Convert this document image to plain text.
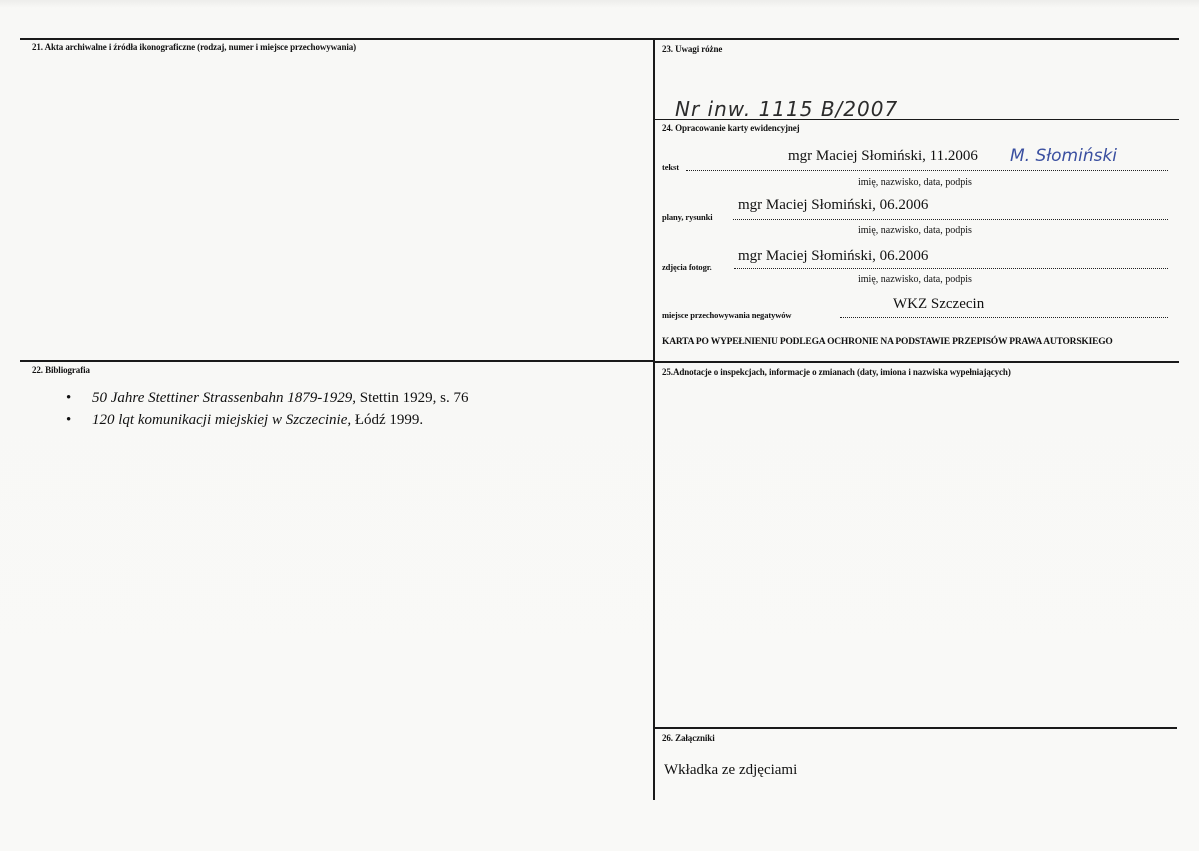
21. Akta archiwalne i źródła ikonograficzne (rodzaj, numer i miejsce przechowywania)
22. Bibliografia
• 50 Jahre Stettiner Strassenbahn 1879-1929, Stettin 1929, s. 76
• 120 lqt komunikacji miejskiej w Szczecinie, Łódź 1999.
23. Uwagi różne
Nr inw. 1115 B/2007
24. Opracowanie karty ewidencyjnej
tekst
mgr Maciej Słomiński, 11.2006 M. Słomiński
imię, nazwisko, data, podpis
plany, rysunki
mgr Maciej Słomiński, 06.2006
imię, nazwisko, data, podpis
zdjęcia fotogr.
mgr Maciej Słomiński, 06.2006
imię, nazwisko, data, podpis
miejsce przechowywania negatywów
WKZ Szczecin
KARTA PO WYPEŁNIENIU PODLEGA OCHRONIE NA PODSTAWIE PRZEPISÓW PRAWA AUTORSKIEGO
25.Adnotacje o inspekcjach, informacje o zmianach (daty, imiona i nazwiska wypełniających)
26. Załączniki
Wkładka ze zdjęciami
